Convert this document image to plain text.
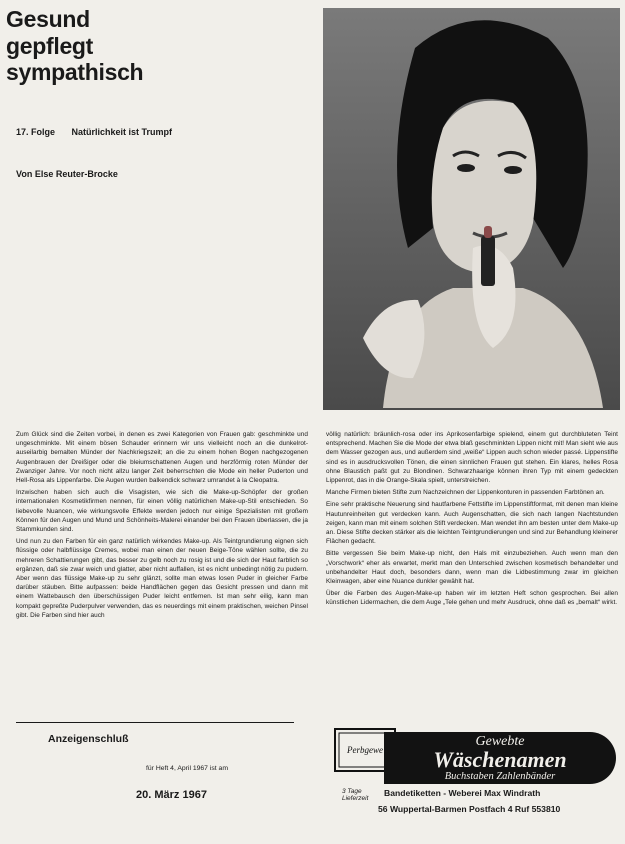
Gesund
gepflegt
sympathisch
17. Folge Natürlichkeit ist Trumpf
Von Else Reuter-Brocke

Zum Glück sind die Zeiten vorbei, in denen es zwei Kategorien von Frauen gab: geschminkte und ungeschminkte. Mit einem bösen Schauder erinnern wir uns vielleicht noch an die dunkelrot-auseilarbig bemalten Münder der Nachkriegszeit; an die zu einem hohen Bogen nachgezogenen Augenbrauen der Dreißiger oder die bleiumschattenen Augen und herzförmig roten Münder der Zwanziger Jahre. Vor noch nicht allzu langer Zeit beherrschten die Mode ein heller Puderton und Hell-Rosa als Lippenfarbe. Die Augen wurden balkendick schwarz umrandet à la Cleopatra.

Inzwischen haben sich auch die Visagisten, wie sich die Make-up-Schöpfer der großen internationalen Kosmetikfirmen nennen, für einen völlig natürlichen Make-up-Stil entschieden. So liebevolle Nuancen, wie wirkungsvolle Effekte werden jedoch nur einige Spezialisten mit großem Können für den Augen und Mund und Schönheits-Malerei einander bei den Frauen überlassen, die ja Stammkunden sind.

Und nun zu den Farben für ein ganz natürlich wirkendes Make-up. Als Teintgrundierung eignen sich flüssige oder halbflüssige Cremes, wobei man einen der neuen Beige-Töne wählen sollte, die zu mehreren Schattierungen gibt, das besser zu gelb noch zu rosig ist und die sich der Haut farblich so ergänzen, daß sie zwar weich und glatter, aber nicht auffallen, ist es nicht unbedingt nötig zu pudern. Aber wenn das flüssige Make-up zu sehr glänzt, sollte man etwas losen Puder in gleicher Farbe darüber stäuben. Bitte aufpassen: beide Handflächen gegen das Gesicht pressen und dann mit einem Wattebausch den überschüssigen Puder leicht entfernen. Ist man sehr eilig, kann man kompakt gepreßte Puderpulver verwenden, das es neuerdings mit einem praktischen, weichen Pinsel gibt. Die Farben sind hier auch

völlig natürlich: bräunlich-rosa oder ins Aprikosenfarbige spielend, einem gut durchbluteten Teint entsprechend. Machen Sie die Mode der etwa blaß geschminkten Lippen nicht mit! Man sieht wie aus dem Wasser gezogen aus, und außerdem sind „weiße“ Lippen auch schon wieder passé. Lippenstifte sind es in ausdrucksvollen Tönen, die einen sinnlichen Frauen gut stehen. Ein klares, helles Rosa ohne Blaustich paßt gut zu Blondinen. Schwarzhaarige können ihren Typ mit einem gedeckten Lippenrot, das in die Orange-Skala spielt, unterstreichen.

Manche Firmen bieten Stifte zum Nachzeichnen der Lippenkonturen in passenden Farbtönen an.

Eine sehr praktische Neuerung sind hautfarbene Fettstifte im Lippenstiftformat, mit denen man kleine Hautunreinheiten gut verdecken kann. Auch Augenschatten, die sich nach langen Nachtstunden zeigen, kann man mit einem solchen Stift verdecken. Man wendet ihn am besten unter dem Make-up an. Diese Stifte decken stärker als die leichten Teintgrundierungen und sind zur Behandlung kleinerer Flächen gedacht.

Bitte vergessen Sie beim Make-up nicht, den Hals mit einzubeziehen. Auch wenn man den „Vorschwork“ eher als erwartet, merkt man den Unterschied zwischen kosmetisch behandelter und unbehandelter Haut doch, besonders dann, wenn man die Lidbestimmung zwar im gleichen Kleinwagen, aber eine Nuance dunkler gewählt hat.

Über die Farben des Augen-Make-up haben wir im letzten Heft schon gesprochen. Bei allen künstlichen Lidermachen, die dem Auge „Tele gehen und mehr Ausdruck, ohne daß es „bemalt“ wirkt.

Anzeigenschluß
für Heft 4, April 1967 ist am
20. März 1967
Perbgewe
Gewebte
Wäschenamen
Buchstaben Zahlenbänder
3 Tage Lieferzeit
Bandetiketten - Weberei Max Windrath
56 Wuppertal-Barmen Postfach 4 Ruf 553810
